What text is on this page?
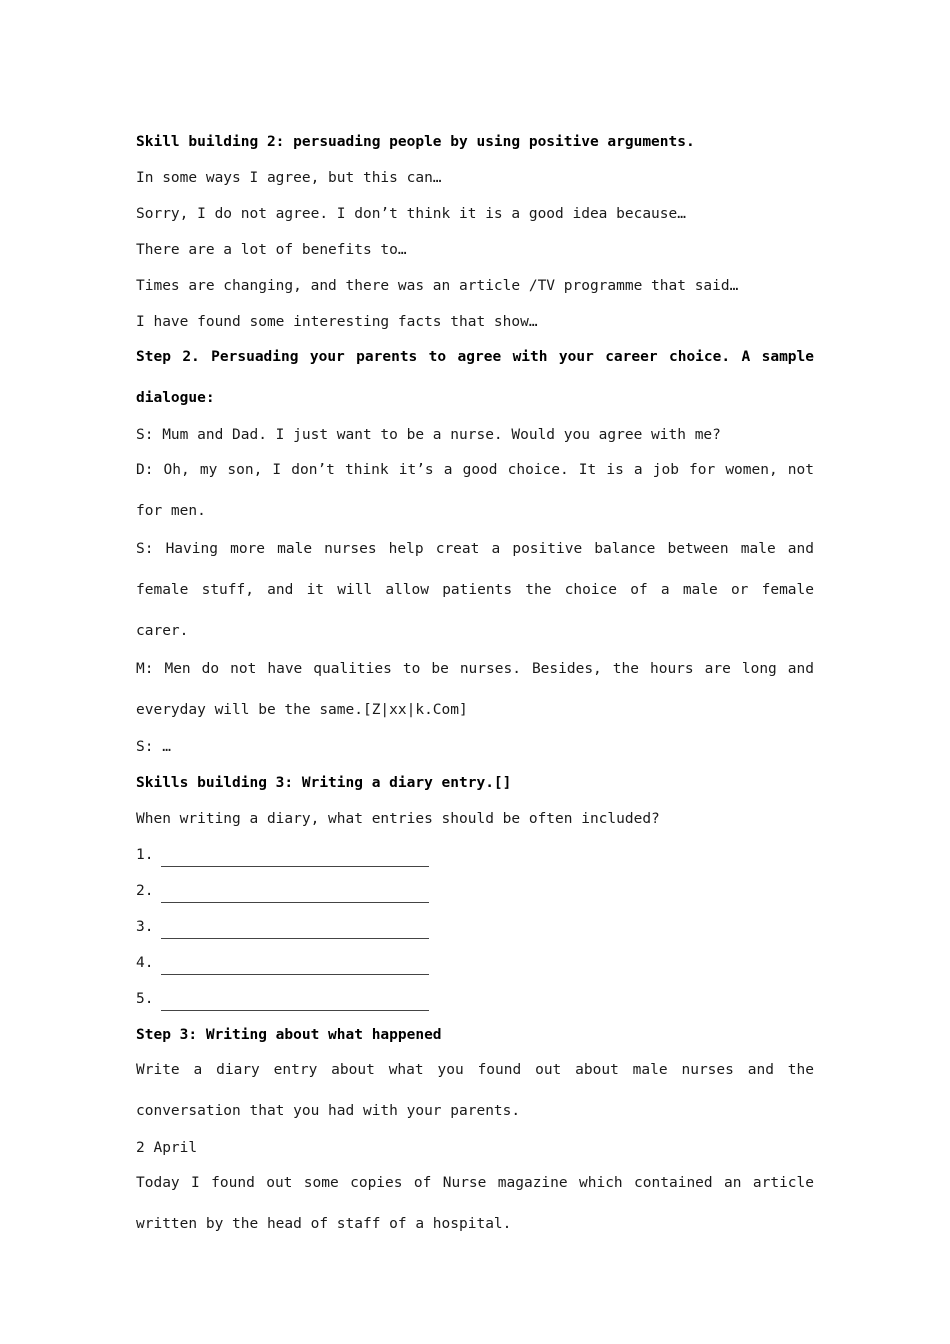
Skill building 2: persuading people by using positive arguments.
In some ways I agree, but this can…
Sorry, I do not agree. I don’t think it is a good idea because…
There are a lot of benefits to…
Times are changing, and there was an article /TV programme that said…
I have found some interesting facts that show…
Step 2. Persuading your parents to agree with your career choice. A sample dialogue:
S: Mum and Dad. I just want to be a nurse. Would you agree with me?
D: Oh, my son, I don’t think it’s a good choice. It is a job for women, not for men.
S: Having more male nurses help creat a positive balance between male and female stuff, and it will allow patients the choice of a male or female carer.
M: Men do not have qualities to be nurses. Besides, the hours are long and everyday will be the same.[Z|xx|k.Com]
S: …
Skills building 3: Writing a diary entry.[]
When writing a diary, what entries should be often included?
1.
2.
3.
4.
5.
Step 3: Writing about what happened
Write a diary entry about what you found out about male nurses and the conversation that you had with your parents.
2 April
Today I found out some copies of Nurse magazine which contained an article written by the head of staff of a hospital.
